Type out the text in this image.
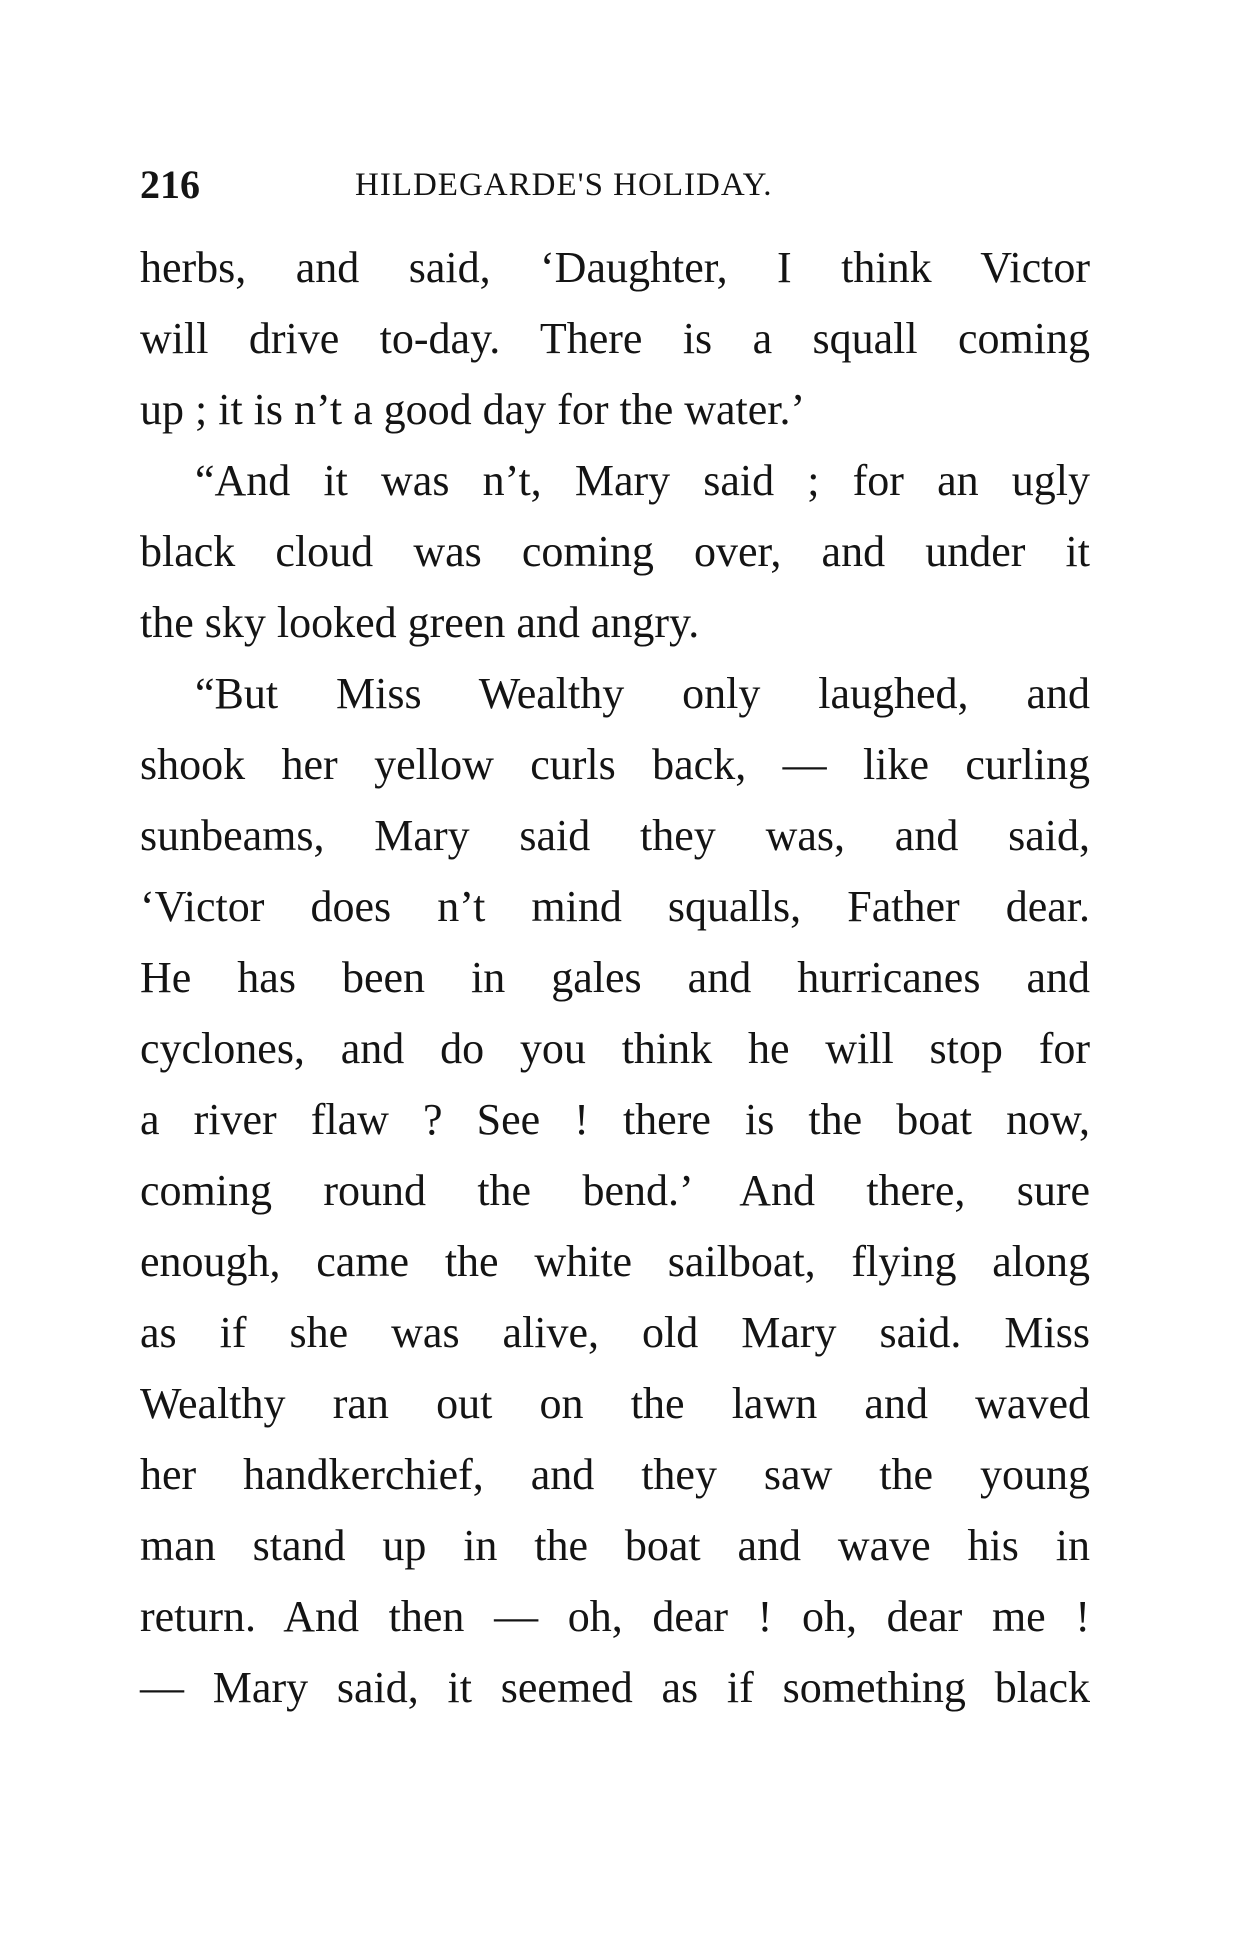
216	HILDEGARDE'S HOLIDAY.
herbs, and said, ‘Daughter, I think Victor
will drive to-day. There is a squall coming
up ; it is n’t a good day for the water.’
“And it was n’t, Mary said ; for an ugly
black cloud was coming over, and under it
the sky looked green and angry.
“But Miss Wealthy only laughed, and
shook her yellow curls back, — like curling
sunbeams, Mary said they was, and said,
‘Victor does n’t mind squalls, Father dear.
He has been in gales and hurricanes and
cyclones, and do you think he will stop for
a river flaw ? See ! there is the boat now,
coming round the bend.’ And there, sure
enough, came the white sailboat, flying along
as if she was alive, old Mary said. Miss
Wealthy ran out on the lawn and waved
her handkerchief, and they saw the young
man stand up in the boat and wave his in
return. And then — oh, dear ! oh, dear me !
— Mary said, it seemed as if something black
